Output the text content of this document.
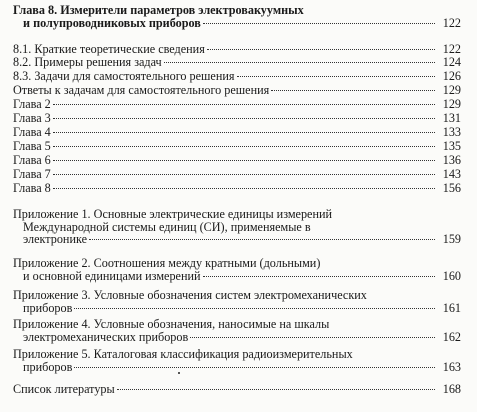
Глава 8. Измерители параметров электровакуумных
и полупроводниковых приборов	122
8.1. Краткие теоретические сведения	122
8.2. Примеры решения задач	124
8.3. Задачи для самостоятельного решения	126
Ответы к задачам для самостоятельного решения	129
Глава 2	129
Глава 3	131
Глава 4	133
Глава 5	135
Глава 6	136
Глава 7	143
Глава 8	156
Приложение 1. Основные электрические единицы измерений
Международной системы единиц (СИ), применяемые в
электронике	159
Приложение 2. Соотношения между кратными (дольными)
и основной единицами измерений	160
Приложение 3. Условные обозначения систем электромеханических
приборов	161
Приложение 4. Условные обозначения, наносимые на шкалы
электромеханических приборов	162
Приложение 5. Каталоговая классификация радиоизмерительных
приборов	163
Список литературы	168
